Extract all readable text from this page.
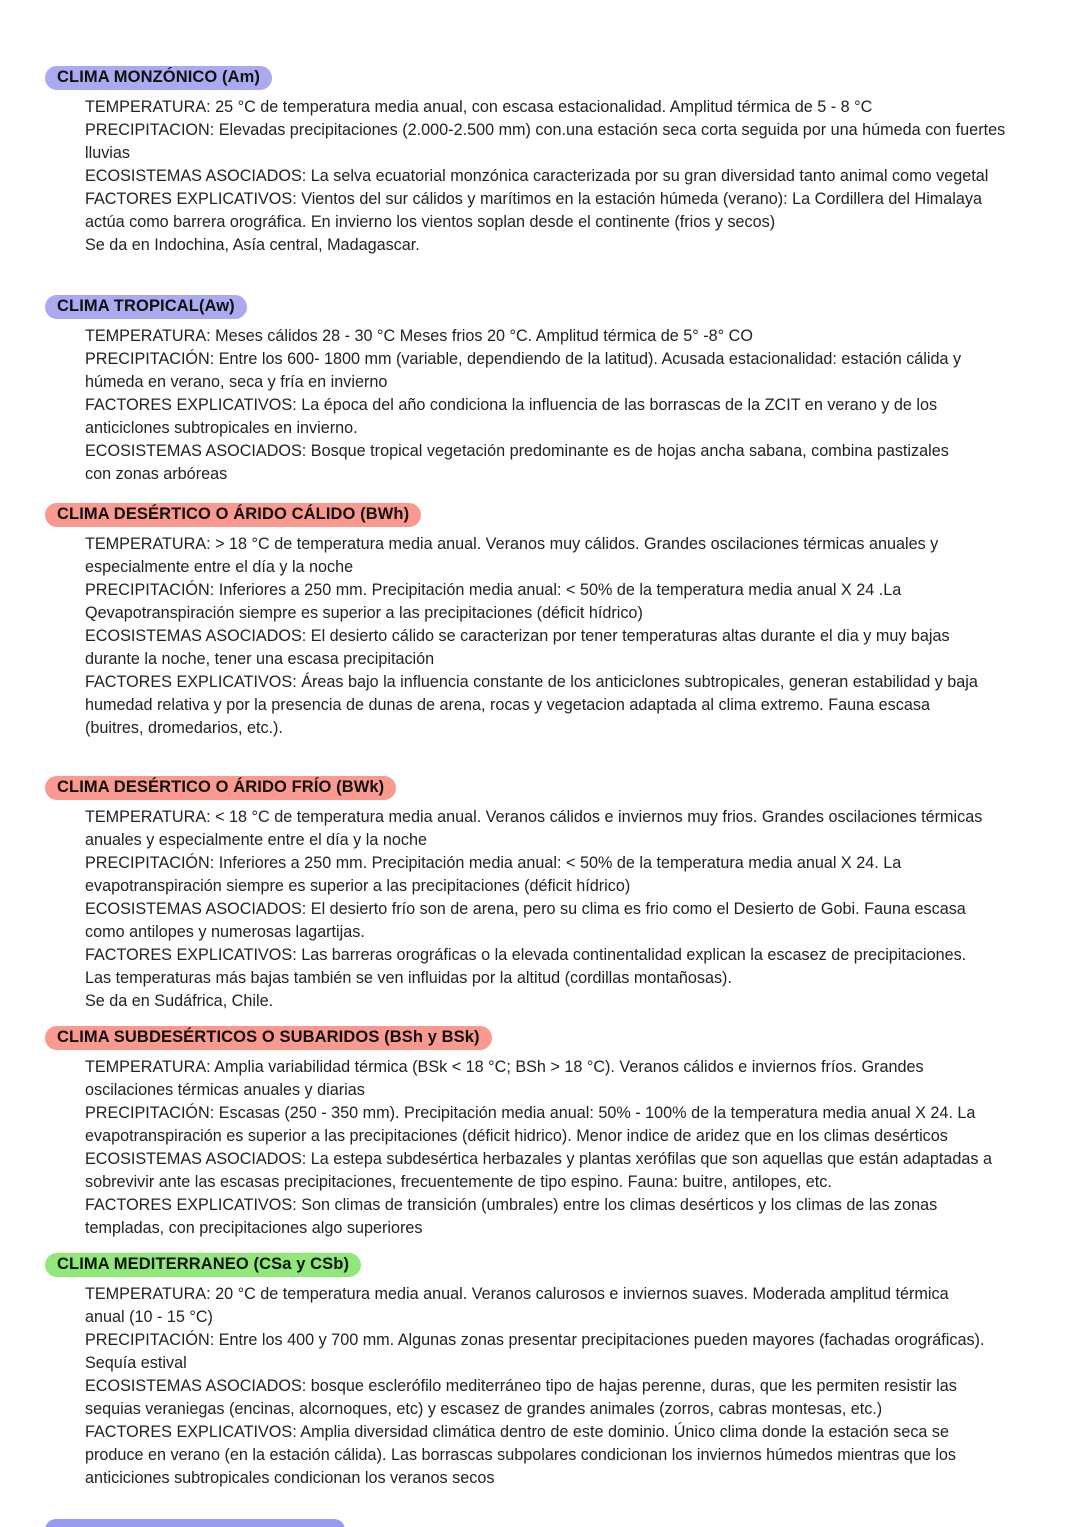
CLIMA MONZÓNICO (Am)
TEMPERATURA: 25 °C de temperatura media anual, con escasa estacionalidad. Amplitud térmica de 5 - 8 °C
PRECIPITACION: Elevadas precipitaciones (2.000-2.500 mm) con.una estación seca corta seguida por una húmeda con fuertes
lluvias
ECOSISTEMAS ASOCIADOS: La selva ecuatorial monzónica caracterizada por su gran diversidad tanto animal como vegetal
FACTORES EXPLICATIVOS: Vientos del sur cálidos y marítimos en la estación húmeda (verano): La Cordillera del Himalaya
actúa como barrera orográfica. En invierno los vientos soplan desde el continente (frios y secos)
Se da en Indochina, Asía central, Madagascar.
CLIMA TROPICAL(Aw)
TEMPERATURA: Meses cálidos 28 - 30 °C Meses frios 20 °C. Amplitud térmica de 5° -8° CO
PRECIPITACIÓN: Entre los 600- 1800 mm (variable, dependiendo de la latitud). Acusada estacionalidad: estación cálida y
húmeda en verano, seca y fría en invierno
FACTORES EXPLICATIVOS: La época del año condiciona la influencia de las borrascas de la ZCIT en verano y de los
anticiclones subtropicales en invierno.
ECOSISTEMAS ASOCIADOS: Bosque tropical vegetación predominante es de hojas ancha sabana, combina pastizales
con zonas arbóreas
CLIMA DESÉRTICO O ÁRIDO CÁLIDO (BWh)
TEMPERATURA: > 18 °C de temperatura media anual. Veranos muy cálidos. Grandes oscilaciones térmicas anuales y
especialmente entre el día y la noche
PRECIPITACIÓN: Inferiores a 250 mm. Precipitación media anual: < 50% de la temperatura media anual X 24 .La
Qevapotranspiración siempre es superior a las precipitaciones (déficit hídrico)
ECOSISTEMAS ASOCIADOS: El desierto cálido se caracterizan por tener temperaturas altas durante el dia y muy bajas
durante la noche, tener una escasa precipitación
FACTORES EXPLICATIVOS: Áreas bajo la influencia constante de los anticiclones subtropicales, generan estabilidad y baja
humedad relativa y por la presencia de dunas de arena, rocas y vegetacion adaptada al clima extremo. Fauna escasa
(buitres, dromedarios, etc.).
CLIMA DESÉRTICO O ÁRIDO FRÍO (BWk)
TEMPERATURA: < 18 °C de temperatura media anual. Veranos cálidos e inviernos muy frios. Grandes oscilaciones térmicas
anuales y especialmente entre el día y la noche
PRECIPITACIÓN: Inferiores a 250 mm. Precipitación media anual: < 50% de la temperatura media anual X 24. La
evapotranspiración siempre es superior a las precipitaciones (déficit hídrico)
ECOSISTEMAS ASOCIADOS: El desierto frío son de arena, pero su clima es frio como el Desierto de Gobi. Fauna escasa
como antilopes y numerosas lagartijas.
FACTORES EXPLICATIVOS: Las barreras orográficas o la elevada continentalidad explican la escasez de precipitaciones.
Las temperaturas más bajas también se ven influidas por la altitud (cordillas montañosas).
Se da en Sudáfrica, Chile.
CLIMA SUBDESÉRTICOS O SUBARIDOS (BSh y BSk)
TEMPERATURA: Amplia variabilidad térmica (BSk < 18 °C; BSh > 18 °C). Veranos cálidos e inviernos fríos. Grandes
oscilaciones térmicas anuales y diarias
PRECIPITACIÓN: Escasas (250 - 350 mm). Precipitación media anual: 50% - 100% de la temperatura media anual X 24. La
evapotranspiración es superior a las precipitaciones (déficit hidrico). Menor indice de aridez que en los climas desérticos
ECOSISTEMAS ASOCIADOS: La estepa subdesértica herbazales y plantas xerófilas que son aquellas que están adaptadas a
sobrevivir ante las escasas precipitaciones, frecuentemente de tipo espino. Fauna: buitre, antilopes, etc.
FACTORES EXPLICATIVOS: Son climas de transición (umbrales) entre los climas desérticos y los climas de las zonas
templadas, con precipitaciones algo superiores
CLIMA MEDITERRANEO (CSa y CSb)
TEMPERATURA: 20 °C de temperatura media anual. Veranos calurosos e inviernos suaves. Moderada amplitud térmica
anual (10 - 15 °C)
PRECIPITACIÓN: Entre los 400 y 700 mm. Algunas zonas presentar precipitaciones pueden mayores (fachadas orográficas).
Sequía estival
ECOSISTEMAS ASOCIADOS: bosque esclerófilo mediterráneo tipo de hajas perenne, duras, que les permiten resistir las
sequias veraniegas (encinas, alcornoques, etc) y escasez de grandes animales (zorros, cabras montesas, etc.)
FACTORES EXPLICATIVOS: Amplia diversidad climática dentro de este dominio. Único clima donde la estación seca se
produce en verano (en la estación cálida). Las borrascas subpolares condicionan los inviernos húmedos mientras que los
anticiciones subtropicales condicionan los veranos secos
